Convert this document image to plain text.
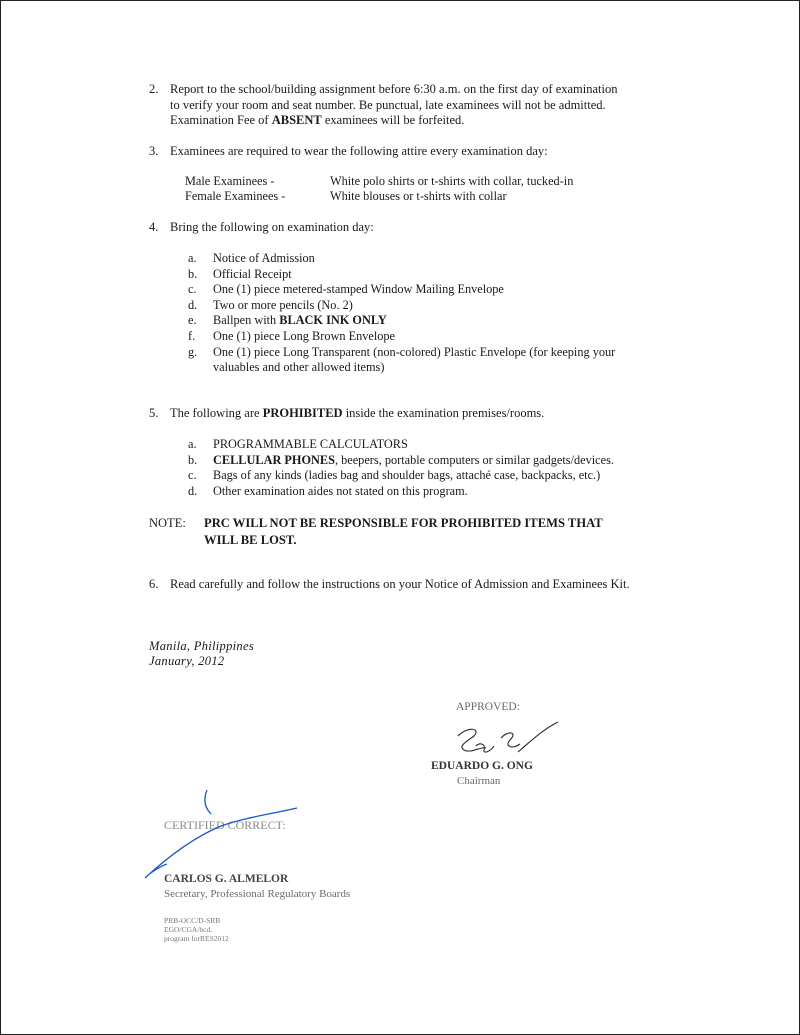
2. Report to the school/building assignment before 6:30 a.m. on the first day of examination
to verify your room and seat number. Be punctual, late examinees will not be admitted.
Examination Fee of ABSENT examinees will be forfeited.
3. Examinees are required to wear the following attire every examination day:
Male Examinees -	White polo shirts or t-shirts with collar, tucked-in
Female Examinees -	White blouses or t-shirts with collar
4. Bring the following on examination day:
a.	Notice of Admission
b.	Official Receipt
c.	One (1) piece metered-stamped Window Mailing Envelope
d.	Two or more pencils (No. 2)
e.	Ballpen with BLACK INK ONLY
f.	One (1) piece Long Brown Envelope
g.	One (1) piece Long Transparent (non-colored) Plastic Envelope (for keeping your
valuables and other allowed items)
5. The following are PROHIBITED inside the examination premises/rooms.
a.	PROGRAMMABLE CALCULATORS
b.	CELLULAR PHONES, beepers, portable computers or similar gadgets/devices.
c.	Bags of any kinds (ladies bag and shoulder bags, attaché case, backpacks, etc.)
d.	Other examination aides not stated on this program.
NOTE: PRC WILL NOT BE RESPONSIBLE FOR PROHIBITED ITEMS THAT
WILL BE LOST.
6. Read carefully and follow the instructions on your Notice of Admission and Examinees Kit.
Manila, Philippines
January, 2012
APPROVED:
EDUARDO G. ONG
Chairman
CERTIFIED CORRECT:
CARLOS G. ALMELOR
Secretary, Professional Regulatory Boards
PRB-OCC/D-SRB
EGO/CGA/bcd.
program forRES2012
